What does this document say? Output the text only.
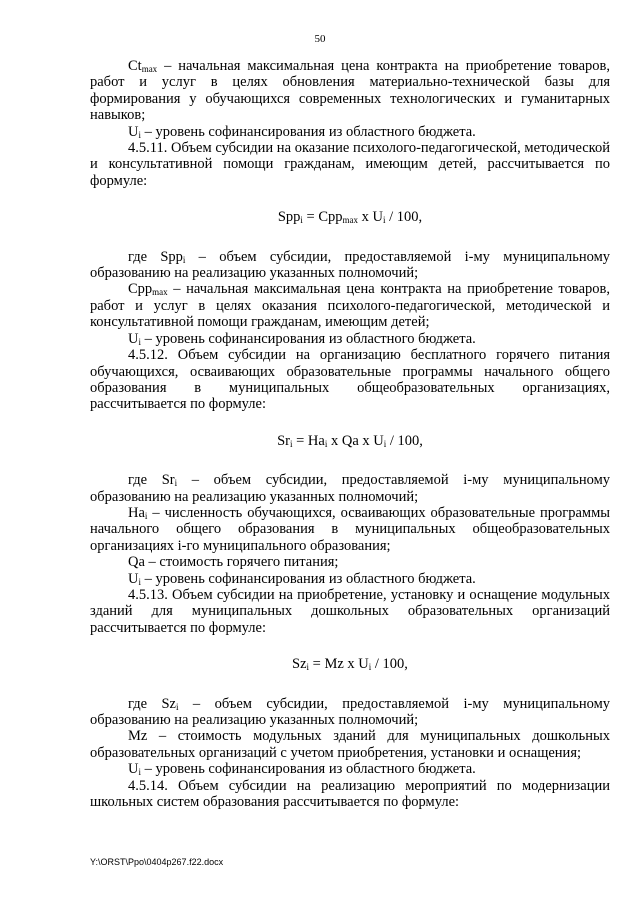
50

$Ct_{max}$ – начальная максимальная цена контракта на приобретение товаров, работ и услуг в целях обновления материально-технической базы для формирования у обучающихся современных технологических и гуманитарных навыков;

$U_i$ – уровень софинансирования из областного бюджета.

4.5.11. Объем субсидии на оказание психолого-педагогической, методической и консультативной помощи гражданам, имеющим детей, рассчитывается по формуле:

Spp$_i$ = Cpp$_{max}$ x $U_i / 100$,

где Spp$_i$ – объем субсидии, предоставляемой i-му муниципальному образованию на реализацию указанных полномочий;

Cpp$_{max}$ – начальная максимальная цена контракта на приобретение товаров, работ и услуг в целях оказания психолого-педагогической, методической и консультативной помощи гражданам, имеющим детей;

$U_i$ – уровень софинансирования из областного бюджета.

4.5.12. Объем субсидии на организацию бесплатного горячего питания обучающихся, осваивающих образовательные программы начального общего образования в муниципальных общеобразовательных организациях, рассчитывается по формуле:

$Sr_i = Ha_i$ x Qa x $U_i / 100$,

где $Sr_i$ – объем субсидии, предоставляемой i-му муниципальному образованию на реализацию указанных полномочий;

$Ha_i$ – численность обучающихся, осваивающих образовательные программы начального общего образования в муниципальных общеобразовательных организациях i-го муниципального образования;

Qa – стоимость горячего питания;

$U_i$ – уровень софинансирования из областного бюджета.

4.5.13. Объем субсидии на приобретение, установку и оснащение модульных зданий для муниципальных дошкольных образовательных организаций рассчитывается по формуле:

$Sz_i = Mz$ x $U_i / 100$,

где $Sz_i$ – объем субсидии, предоставляемой i-му муниципальному образованию на реализацию указанных полномочий;

Mz – стоимость модульных зданий для муниципальных дошкольных образовательных организаций с учетом приобретения, установки и оснащения;

$U_i$ – уровень софинансирования из областного бюджета.

4.5.14. Объем субсидии на реализацию мероприятий по модернизации школьных систем образования рассчитывается по формуле:

Y:\ORST\Ppo\0404p267.f22.docx
